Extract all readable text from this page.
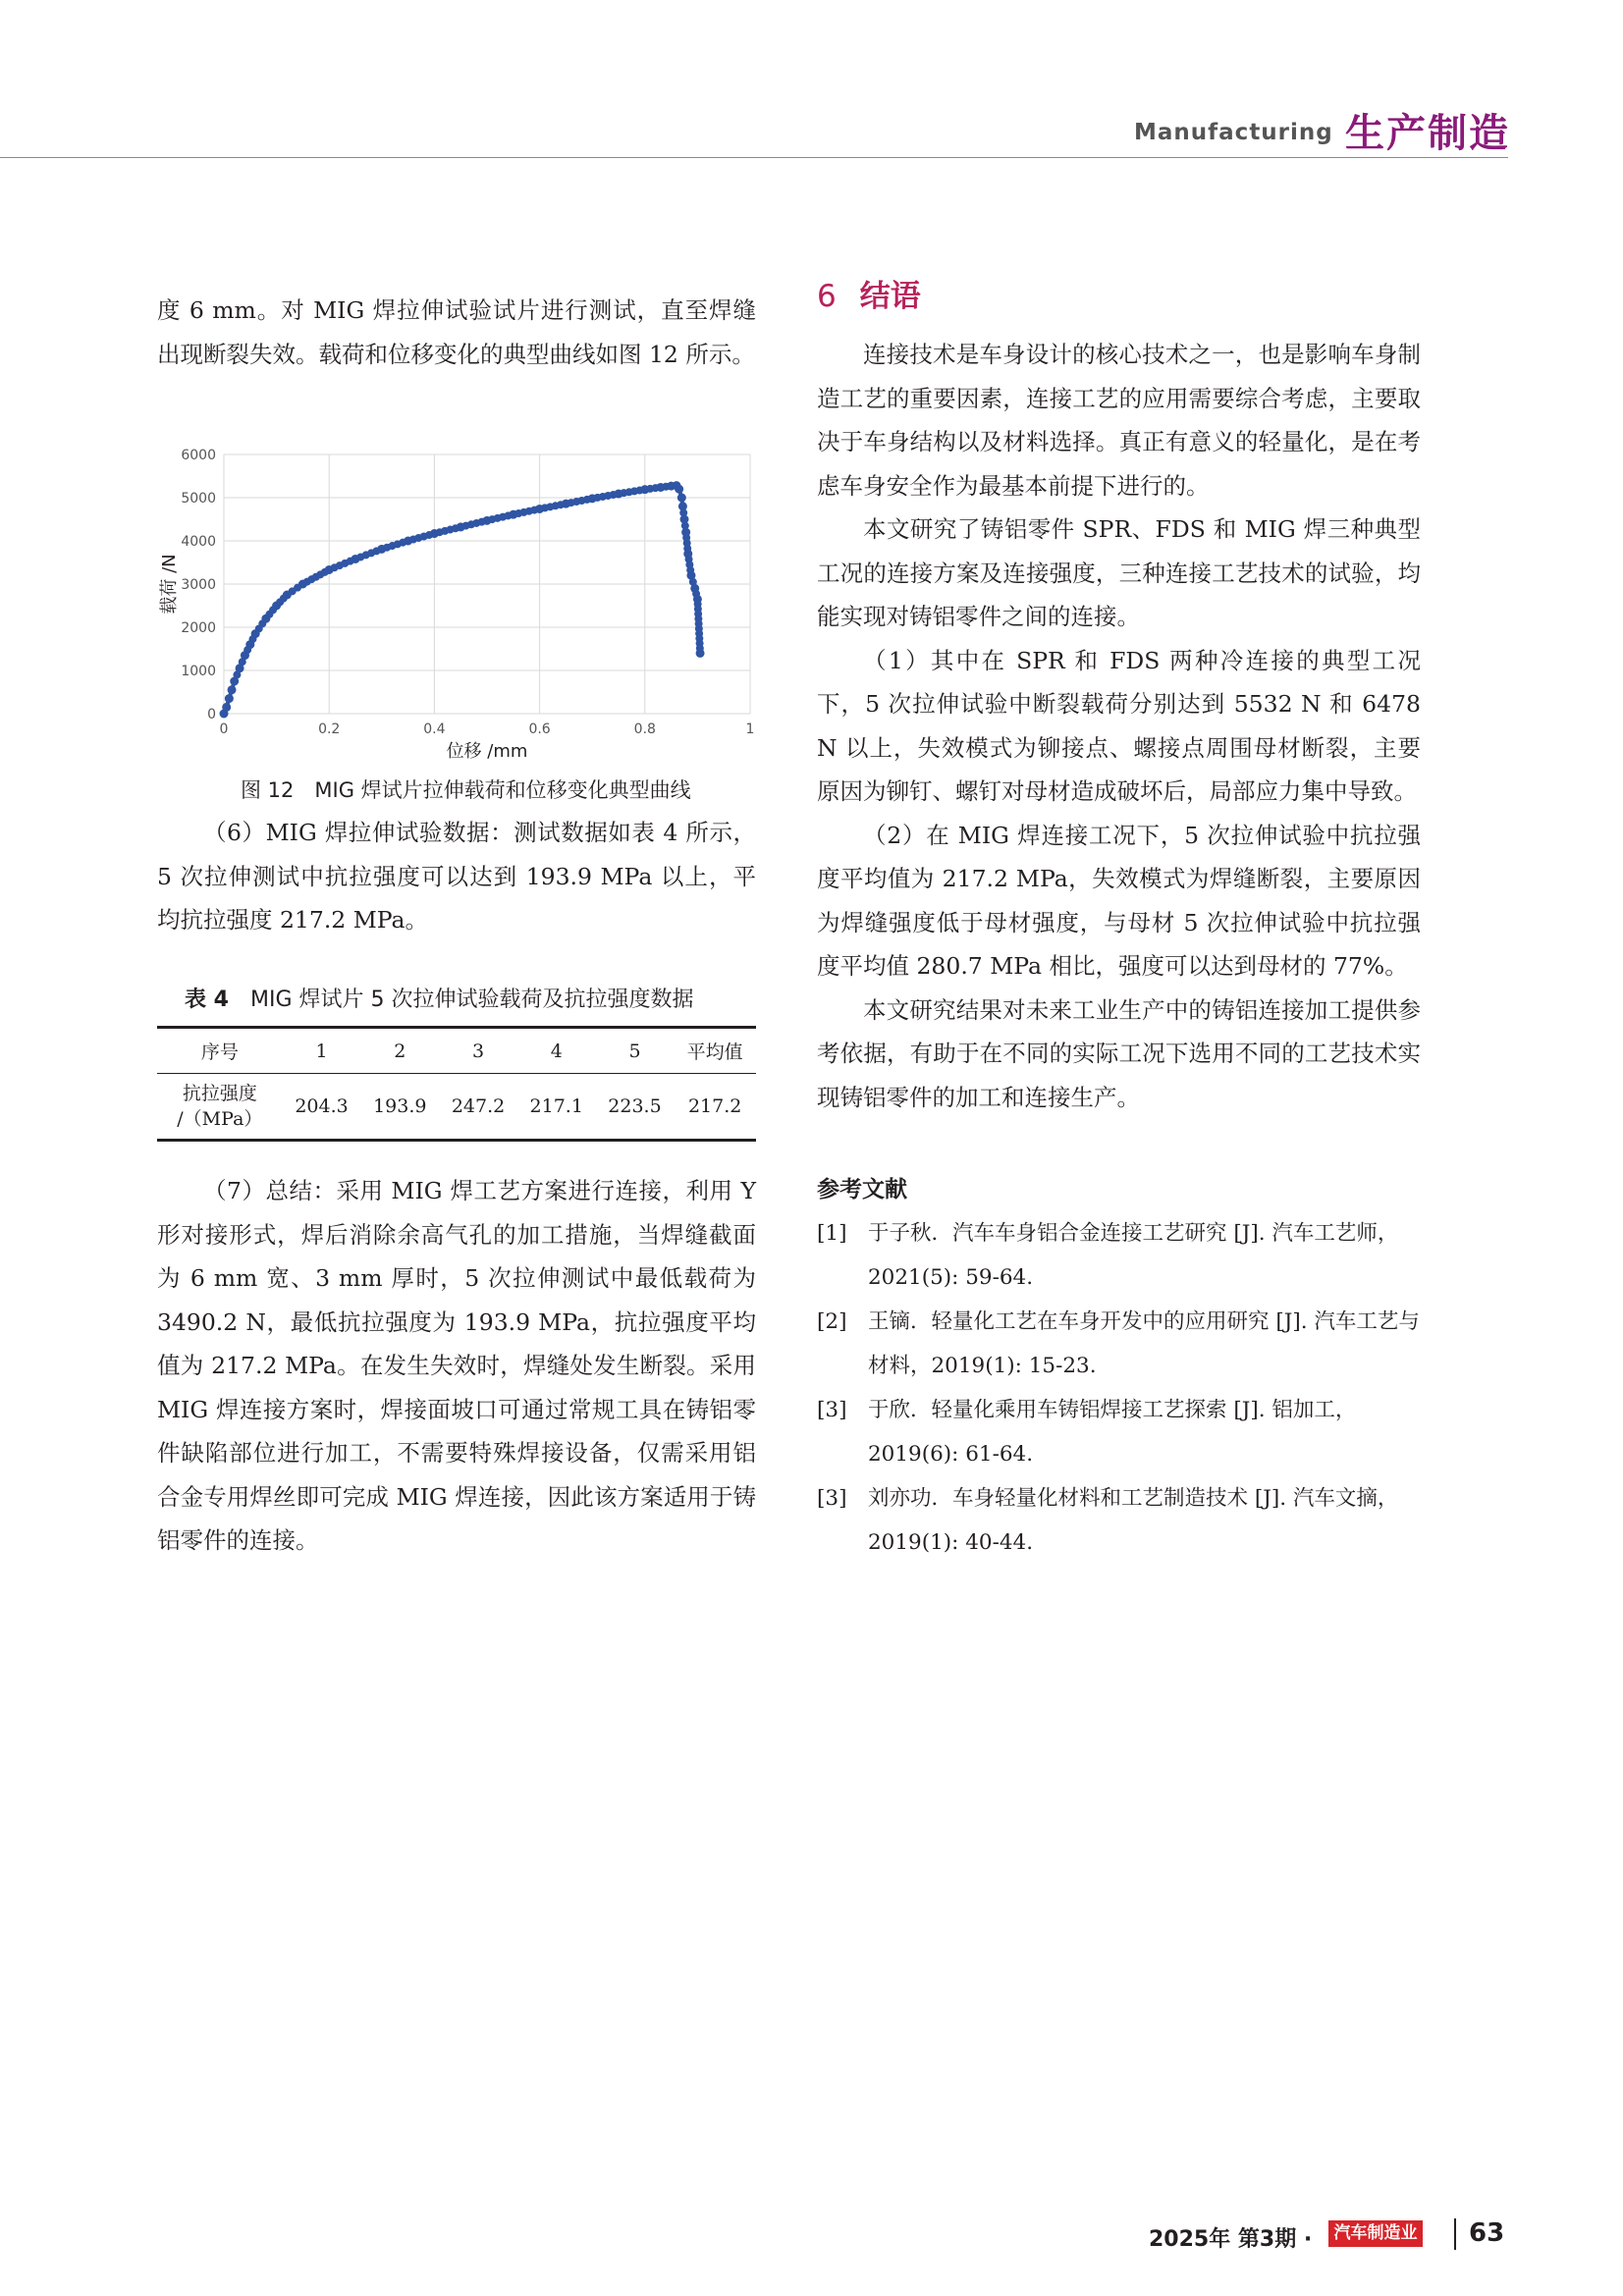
Manufacturing 生产制造

度 6 mm。对 MIG 焊拉伸试验试片进行测试，直至焊缝出现断裂失效。载荷和位移变化的典型曲线如图 12 所示。

0
1000
2000
3000
4000
5000
6000
0	0.2	0.4	0.6	0.8	1
载荷 /N
位移 /mm
图 12　MIG 焊试片拉伸载荷和位移变化典型曲线

（6）MIG 焊拉伸试验数据：测试数据如表 4 所示，5 次拉伸测试中抗拉强度可以达到 193.9 MPa 以上，平均抗拉强度 217.2 MPa。

表 4　 MIG 焊试片 5 次拉伸试验载荷及抗拉强度数据
序号	1	2	3	4	5	平均值
抗拉强度
/（MPa）	204.3	193.9	247.2	217.1	223.5	217.2

（7）总结：采用 MIG 焊工艺方案进行连接，利用 Y 形对接形式，焊后消除余高气孔的加工措施，当焊缝截面为 6 mm 宽、3 mm 厚时，5 次拉伸测试中最低载荷为 3490.2 N，最低抗拉强度为 193.9 MPa，抗拉强度平均值为 217.2 MPa。在发生失效时，焊缝处发生断裂。采用 MIG 焊连接方案时，焊接面坡口可通过常规工具在铸铝零件缺陷部位进行加工，不需要特殊焊接设备，仅需采用铝合金专用焊丝即可完成 MIG 焊连接，因此该方案适用于铸铝零件的连接。

6 结语

连接技术是车身设计的核心技术之一，也是影响车身制造工艺的重要因素，连接工艺的应用需要综合考虑，主要取决于车身结构以及材料选择。真正有意义的轻量化，是在考虑车身安全作为最基本前提下进行的。

本文研究了铸铝零件 SPR、FDS 和 MIG 焊三种典型工况的连接方案及连接强度，三种连接工艺技术的试验，均能实现对铸铝零件之间的连接。

（1）其中在 SPR 和 FDS 两种冷连接的典型工况下，5 次拉伸试验中断裂载荷分别达到 5532 N 和 6478 N 以上，失效模式为铆接点、螺接点周围母材断裂，主要原因为铆钉、螺钉对母材造成破坏后，局部应力集中导致。

（2）在 MIG 焊连接工况下，5 次拉伸试验中抗拉强度平均值为 217.2 MPa，失效模式为焊缝断裂，主要原因为焊缝强度低于母材强度，与母材 5 次拉伸试验中抗拉强度平均值 280.7 MPa 相比，强度可以达到母材的 77%。

本文研究结果对未来工业生产中的铸铝连接加工提供参考依据，有助于在不同的实际工况下选用不同的工艺技术实现铸铝零件的加工和连接生产。

参考文献
[1] 于子秋．汽车车身铝合金连接工艺研究 [J]. 汽车工艺师，2021(5): 59-64.
[2] 王镝．轻量化工艺在车身开发中的应用研究 [J]. 汽车工艺与材料，2019(1): 15-23.
[3] 于欣．轻量化乘用车铸铝焊接工艺探索 [J]. 铝加工，2019(6): 61-64.
[3] 刘亦功．车身轻量化材料和工艺制造技术 [J]. 汽车文摘，2019(1): 40-44.
2025年 第3期 ·	汽车制造业 63
